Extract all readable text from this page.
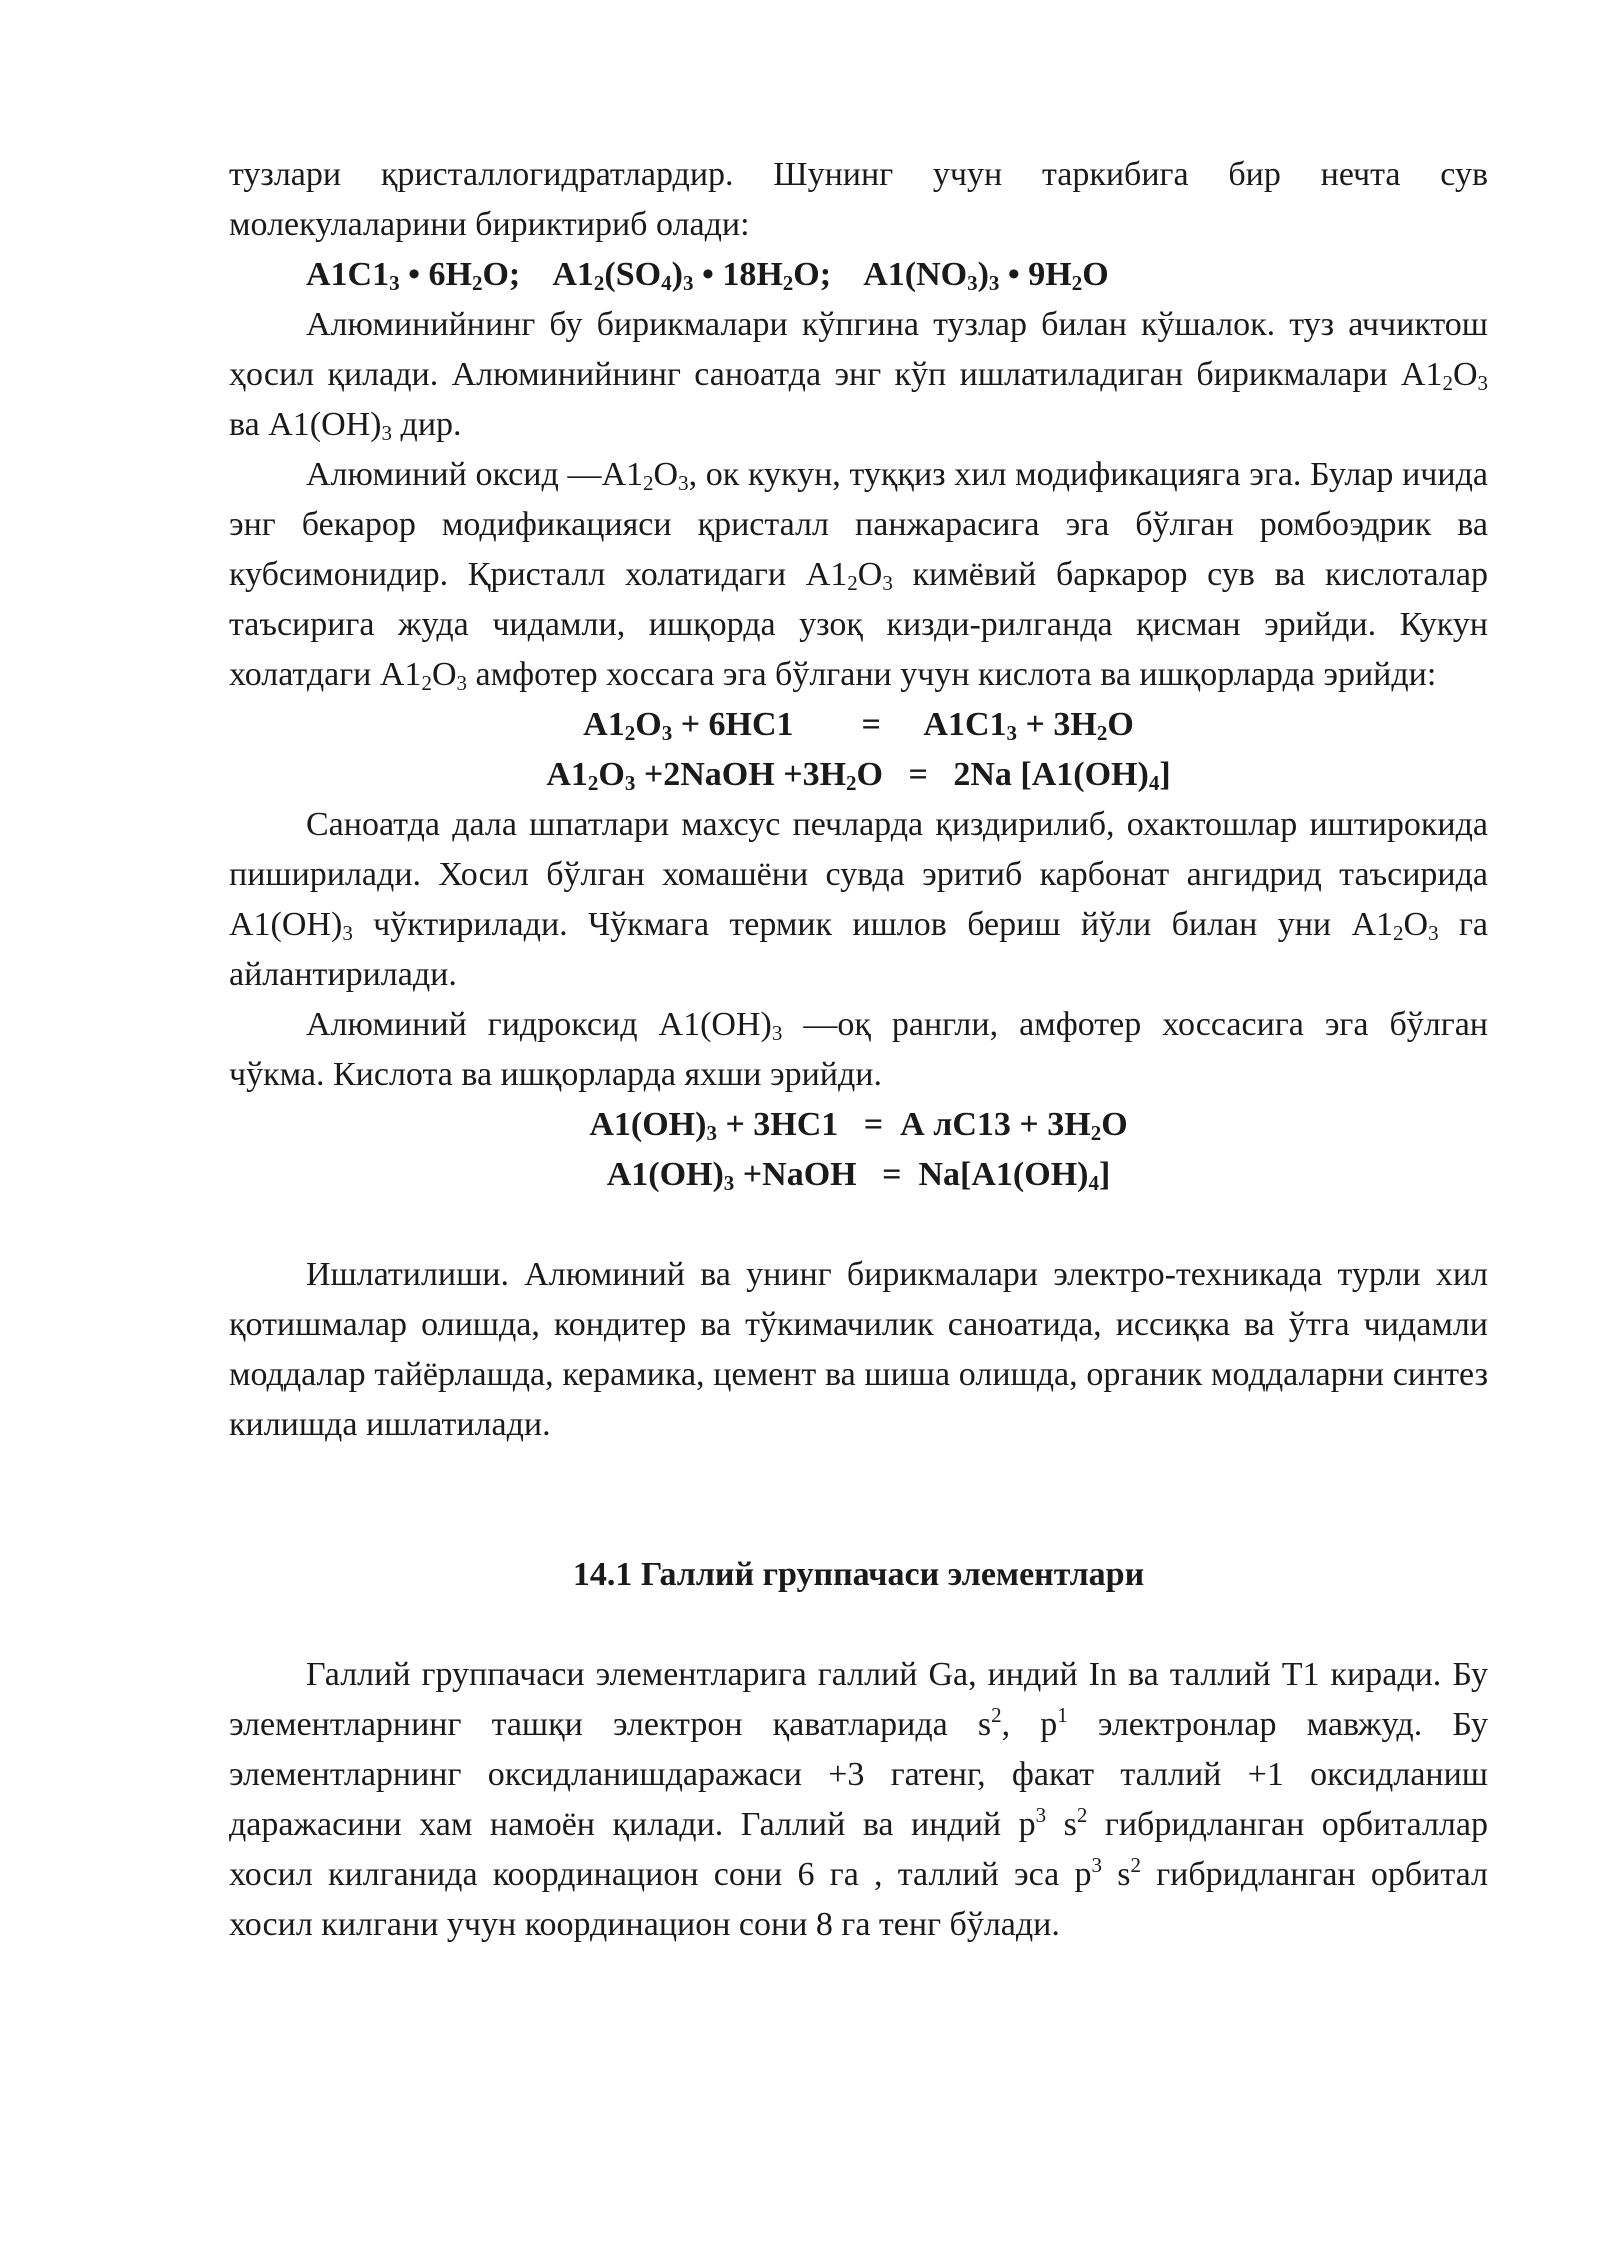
тузлари қристаллогидратлардир. Шунинг учун таркибига бир нечта сув молекулаларини бириктириб олади:

$А1С1_3$ • $6H_2O$;    $A1_2(SO_4)_3$ • $18H_2O$;    $A1(NO_3)_3$ • $9H_2O$

Алюминийнинг бу бирикмалари кўпгина тузлар билан кўшалок. туз аччиктош ҳосил қилади. Алюминийнинг саноатда энг кўп ишлатиладиган бирикмалари $А1_2О_3$ ва $А1(ОН)_3$ дир.

Алюминий оксид $—А1_2О_3$, ок кукун, туққиз хил модификацияга эга. Булар ичида энг бекарор модификацияси қристалл панжарасига эга бўлган ромбоэдрик ва кубсимонидир. Қристалл холатидаги $А1_2О_3$ кимёвий баркарор сув ва кислоталар таъсирига жуда чидамли, ишқорда узоқ кизди-рилганда қисман эрийди. Кукун холатдаги $А1_2О_3$ амфотер хоссага эга бўлгани учун кислота ва ишқорларда эрийди:

$А1_2О_3 + 6НС1$        =     $А1С1_3 + 3Н_2О$

$A1_2O_3$ +2NaOH $+3H_2O = 2Na$ $[A1(OH)_4]$

Саноатда дала шпатлари махсус печларда қиздирилиб, охактошлар иштирокида пиширилади. Хосил бўлган хомашёни сувда эритиб карбонат ангидрид таъсирида $А1(ОН)_3$ чўктирилади. Чўкмага термик ишлов бериш йўли билан уни $А1_2О_3$ га айлантирилади.

Алюминий гидроксид $А1(ОН)_3$ —оқ рангли, амфотер хоссасига эга бўлган чўкма. Кислота ва ишқорларда яхши эрийди.

$А1(ОН)_3 + 3НС1 = А$ $лС13 + 3Н_2О$

$А1(ОН)_3$ +NaOH   =  $Na[A1(OH)_4]$

Ишлатилиши. Алюминий ва унинг бирикмалари электро-техникада турли хил қотишмалар олишда, кондитер ва тўкимачилик саноатида, иссиқка ва ўтга чидамли моддалар тайёрлашда, керамика, цемент ва шиша олишда, органик моддаларни синтез килишда ишлатилади.

14.1 Галлий группачаси элементлари

Галлий группачаси элементларига галлий Ga, индий In ва таллий Т1 киради. Бу элементларнинг ташқи электрон қаватларида $s^2$, $p^1$ электронлар мавжуд. Бу элементларнинг оксидланишдаражаси +3 гатенг, факат таллий +1 оксидланиш даражасини хам намоён қилади. Галлий ва индий $p^3$ $s^2$ гибридланган орбиталлар хосил килганида координацион сони 6 га , таллий эса $p^3$ $s^2$ гибридланган орбитал хосил килгани учун координацион сони 8 га тенг бўлади.
